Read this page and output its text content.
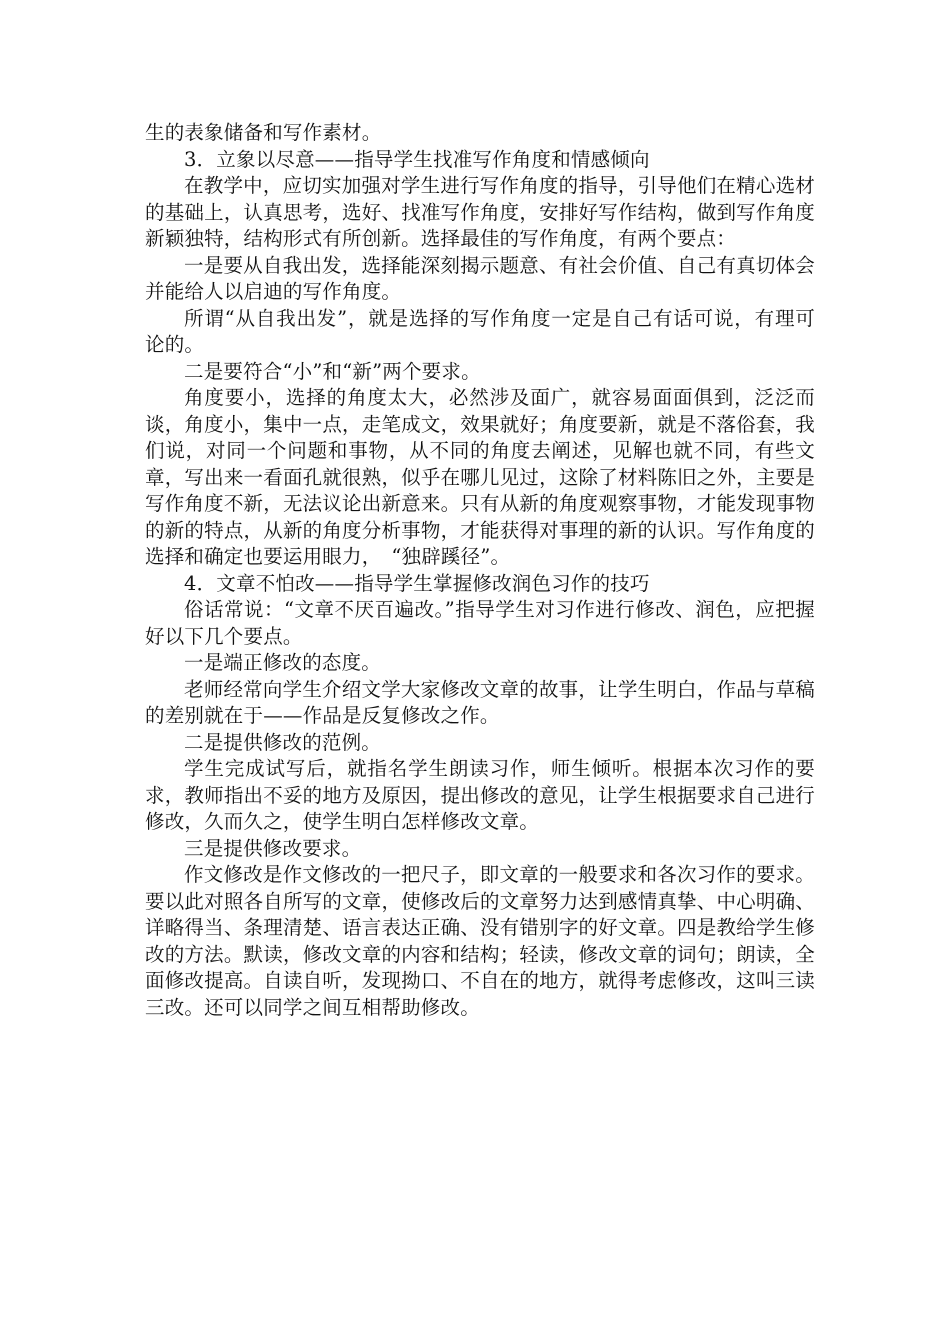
生的表象储备和写作素材。

3．立象以尽意——指导学生找准写作角度和情感倾向

在教学中，应切实加强对学生进行写作角度的指导，引导他们在精心选材的基础上，认真思考，选好、找准写作角度，安排好写作结构，做到写作角度新颖独特，结构形式有所创新。选择最佳的写作角度，有两个要点：

一是要从自我出发，选择能深刻揭示题意、有社会价值、自己有真切体会并能给人以启迪的写作角度。

所谓“从自我出发”，就是选择的写作角度一定是自己有话可说，有理可论的。

二是要符合“小”和“新”两个要求。

角度要小，选择的角度太大，必然涉及面广，就容易面面俱到，泛泛而谈，角度小，集中一点，走笔成文，效果就好；角度要新，就是不落俗套，我们说，对同一个问题和事物，从不同的角度去阐述，见解也就不同，有些文章，写出来一看面孔就很熟，似乎在哪儿见过，这除了材料陈旧之外，主要是写作角度不新，无法议论出新意来。只有从新的角度观察事物，才能发现事物的新的特点，从新的角度分析事物，才能获得对事理的新的认识。写作角度的选择和确定也要运用眼力，　“独辟蹊径”。

4．文章不怕改——指导学生掌握修改润色习作的技巧

俗话常说：“文章不厌百遍改。”指导学生对习作进行修改、润色，应把握好以下几个要点。

一是端正修改的态度。

老师经常向学生介绍文学大家修改文章的故事，让学生明白，作品与草稿的差别就在于——作品是反复修改之作。

二是提供修改的范例。

学生完成试写后，就指名学生朗读习作，师生倾听。根据本次习作的要求，教师指出不妥的地方及原因，提出修改的意见，让学生根据要求自己进行修改，久而久之，使学生明白怎样修改文章。

三是提供修改要求。

作文修改是作文修改的一把尺子，即文章的一般要求和各次习作的要求。要以此对照各自所写的文章，使修改后的文章努力达到感情真挚、中心明确、详略得当、条理清楚、语言表达正确、没有错别字的好文章。四是教给学生修改的方法。默读，修改文章的内容和结构；轻读，修改文章的词句；朗读，全面修改提高。自读自听，发现拗口、不自在的地方，就得考虑修改，这叫三读三改。还可以同学之间互相帮助修改。
